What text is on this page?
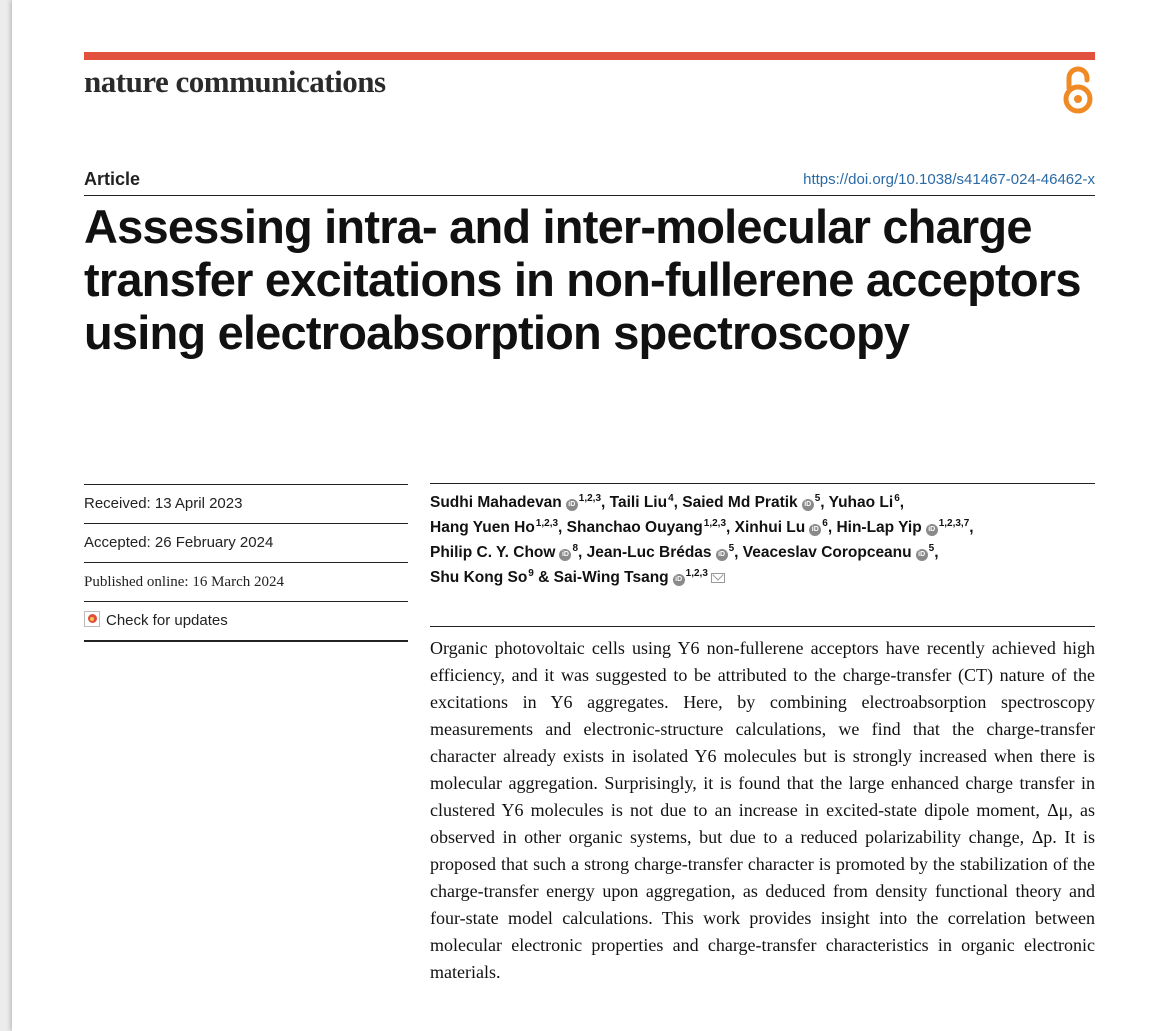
nature communications
Article	https://doi.org/10.1038/s41467-024-46462-x
Assessing intra- and inter-molecular charge transfer excitations in non-fullerene acceptors using electroabsorption spectroscopy
Received: 13 April 2023
Accepted: 26 February 2024
Published online: 16 March 2024
Check for updates
Sudhi Mahadevan iD$^{1,2,3}$, Taili Liu$^4$, Saied Md Pratik $iD^5$, Yuhao Li$^6$,
Hang Yuen Ho$^{1,2,3}$, Shanchao Ouyang$^{1,2,3}$, Xinhui Lu $iD^6$, Hin-Lap Yip iD$^{1,2,3,7}$,
Philip C. Y. Chow $iD^8$, Jean-Luc Brédas $iD^5$, Veaceslav Coropceanu $iD^5$,
Shu Kong So$^9$ & Sai-Wing Tsang iD$^{1,2,3}$

Organic photovoltaic cells using Y6 non-fullerene acceptors have recently achieved high efficiency, and it was suggested to be attributed to the charge-transfer (CT) nature of the excitations in Y6 aggregates. Here, by combining electroabsorption spectroscopy measurements and electronic-structure calculations, we find that the charge-transfer character already exists in isolated Y6 molecules but is strongly increased when there is molecular aggregation. Surprisingly, it is found that the large enhanced charge transfer in clustered Y6 molecules is not due to an increase in excited-state dipole moment, Δμ, as observed in other organic systems, but due to a reduced polarizability change, Δp. It is proposed that such a strong charge-transfer character is promoted by the stabilization of the charge-transfer energy upon aggregation, as deduced from density functional theory and four-state model calculations. This work provides insight into the correlation between molecular electronic properties and charge-transfer characteristics in organic electronic materials.
